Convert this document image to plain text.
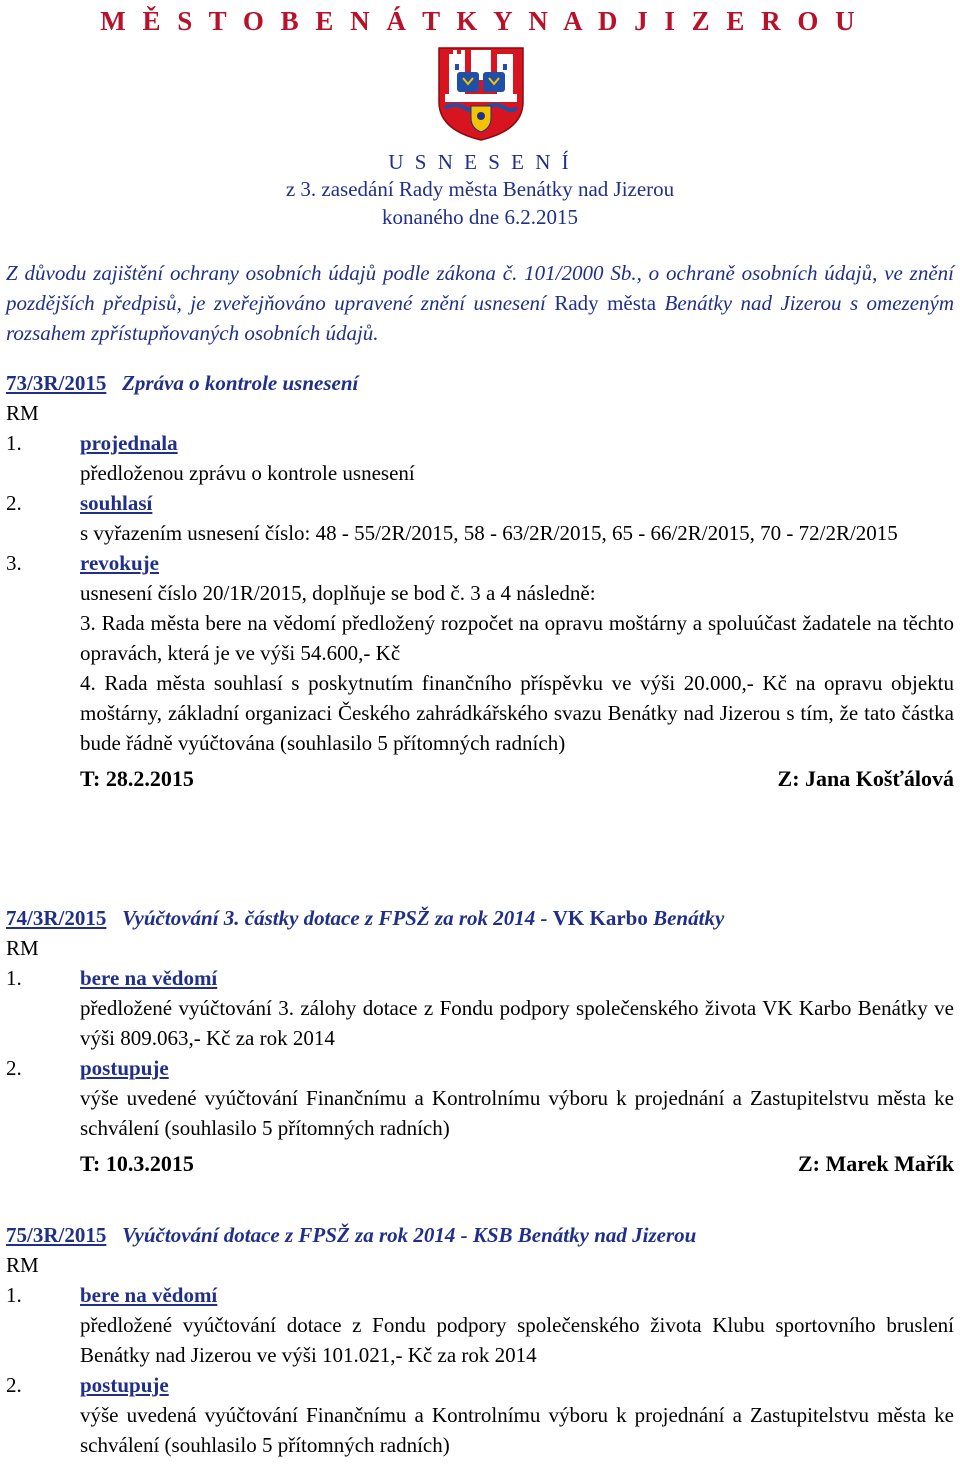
M Ě S T O B E N Á T K Y N A D J I Z E R O U
U S N E S E N Í
z 3. zasedání Rady města Benátky nad Jizerou
konaného dne 6.2.2015
Z důvodu zajištění ochrany osobních údajů podle zákona č. 101/2000 Sb., o ochraně osobních údajů, ve znění pozdějších předpisů, je zveřejňováno upravené znění usnesení Rady města Benátky nad Jizerou s omezeným rozsahem zpřístupňovaných osobních údajů.
73/3R/2015 Zpráva o kontrole usnesení
RM
1.	projednala
předloženou zprávu o kontrole usnesení
2.	souhlasí
s vyřazením usnesení číslo: 48 - 55/2R/2015, 58 - 63/2R/2015, 65 - 66/2R/2015, 70 - 72/2R/2015
3.	revokuje
usnesení číslo 20/1R/2015, doplňuje se bod č. 3 a 4 následně:
3. Rada města bere na vědomí předložený rozpočet na opravu moštárny a spoluúčast žadatele na těchto opravách, která je ve výši 54.600,- Kč
4. Rada města souhlasí s poskytnutím finančního příspěvku ve výši 20.000,- Kč na opravu objektu moštárny, základní organizaci Českého zahrádkářského svazu Benátky nad Jizerou s tím, že tato částka bude řádně vyúčtována (souhlasilo 5 přítomných radních)
T: 28.2.2015	Z: Jana Košťálová
74/3R/2015 Vyúčtování 3. částky dotace z FPSŽ za rok 2014 - VK Karbo Benátky
RM
1.	bere na vědomí
předložené vyúčtování 3. zálohy dotace z Fondu podpory společenského života VK Karbo Benátky ve výši 809.063,- Kč za rok 2014
2.	postupuje
výše uvedené vyúčtování Finančnímu a Kontrolnímu výboru k projednání a Zastupitelstvu města ke schválení (souhlasilo 5 přítomných radních)
T: 10.3.2015	Z: Marek Mařík
75/3R/2015 Vyúčtování dotace z FPSŽ za rok 2014 - KSB Benátky nad Jizerou
RM
1.	bere na vědomí
předložené vyúčtování dotace z Fondu podpory společenského života Klubu sportovního bruslení Benátky nad Jizerou ve výši 101.021,- Kč za rok 2014
2.	postupuje
výše uvedená vyúčtování Finančnímu a Kontrolnímu výboru k projednání a Zastupitelstvu města ke schválení (souhlasilo 5 přítomných radních)
